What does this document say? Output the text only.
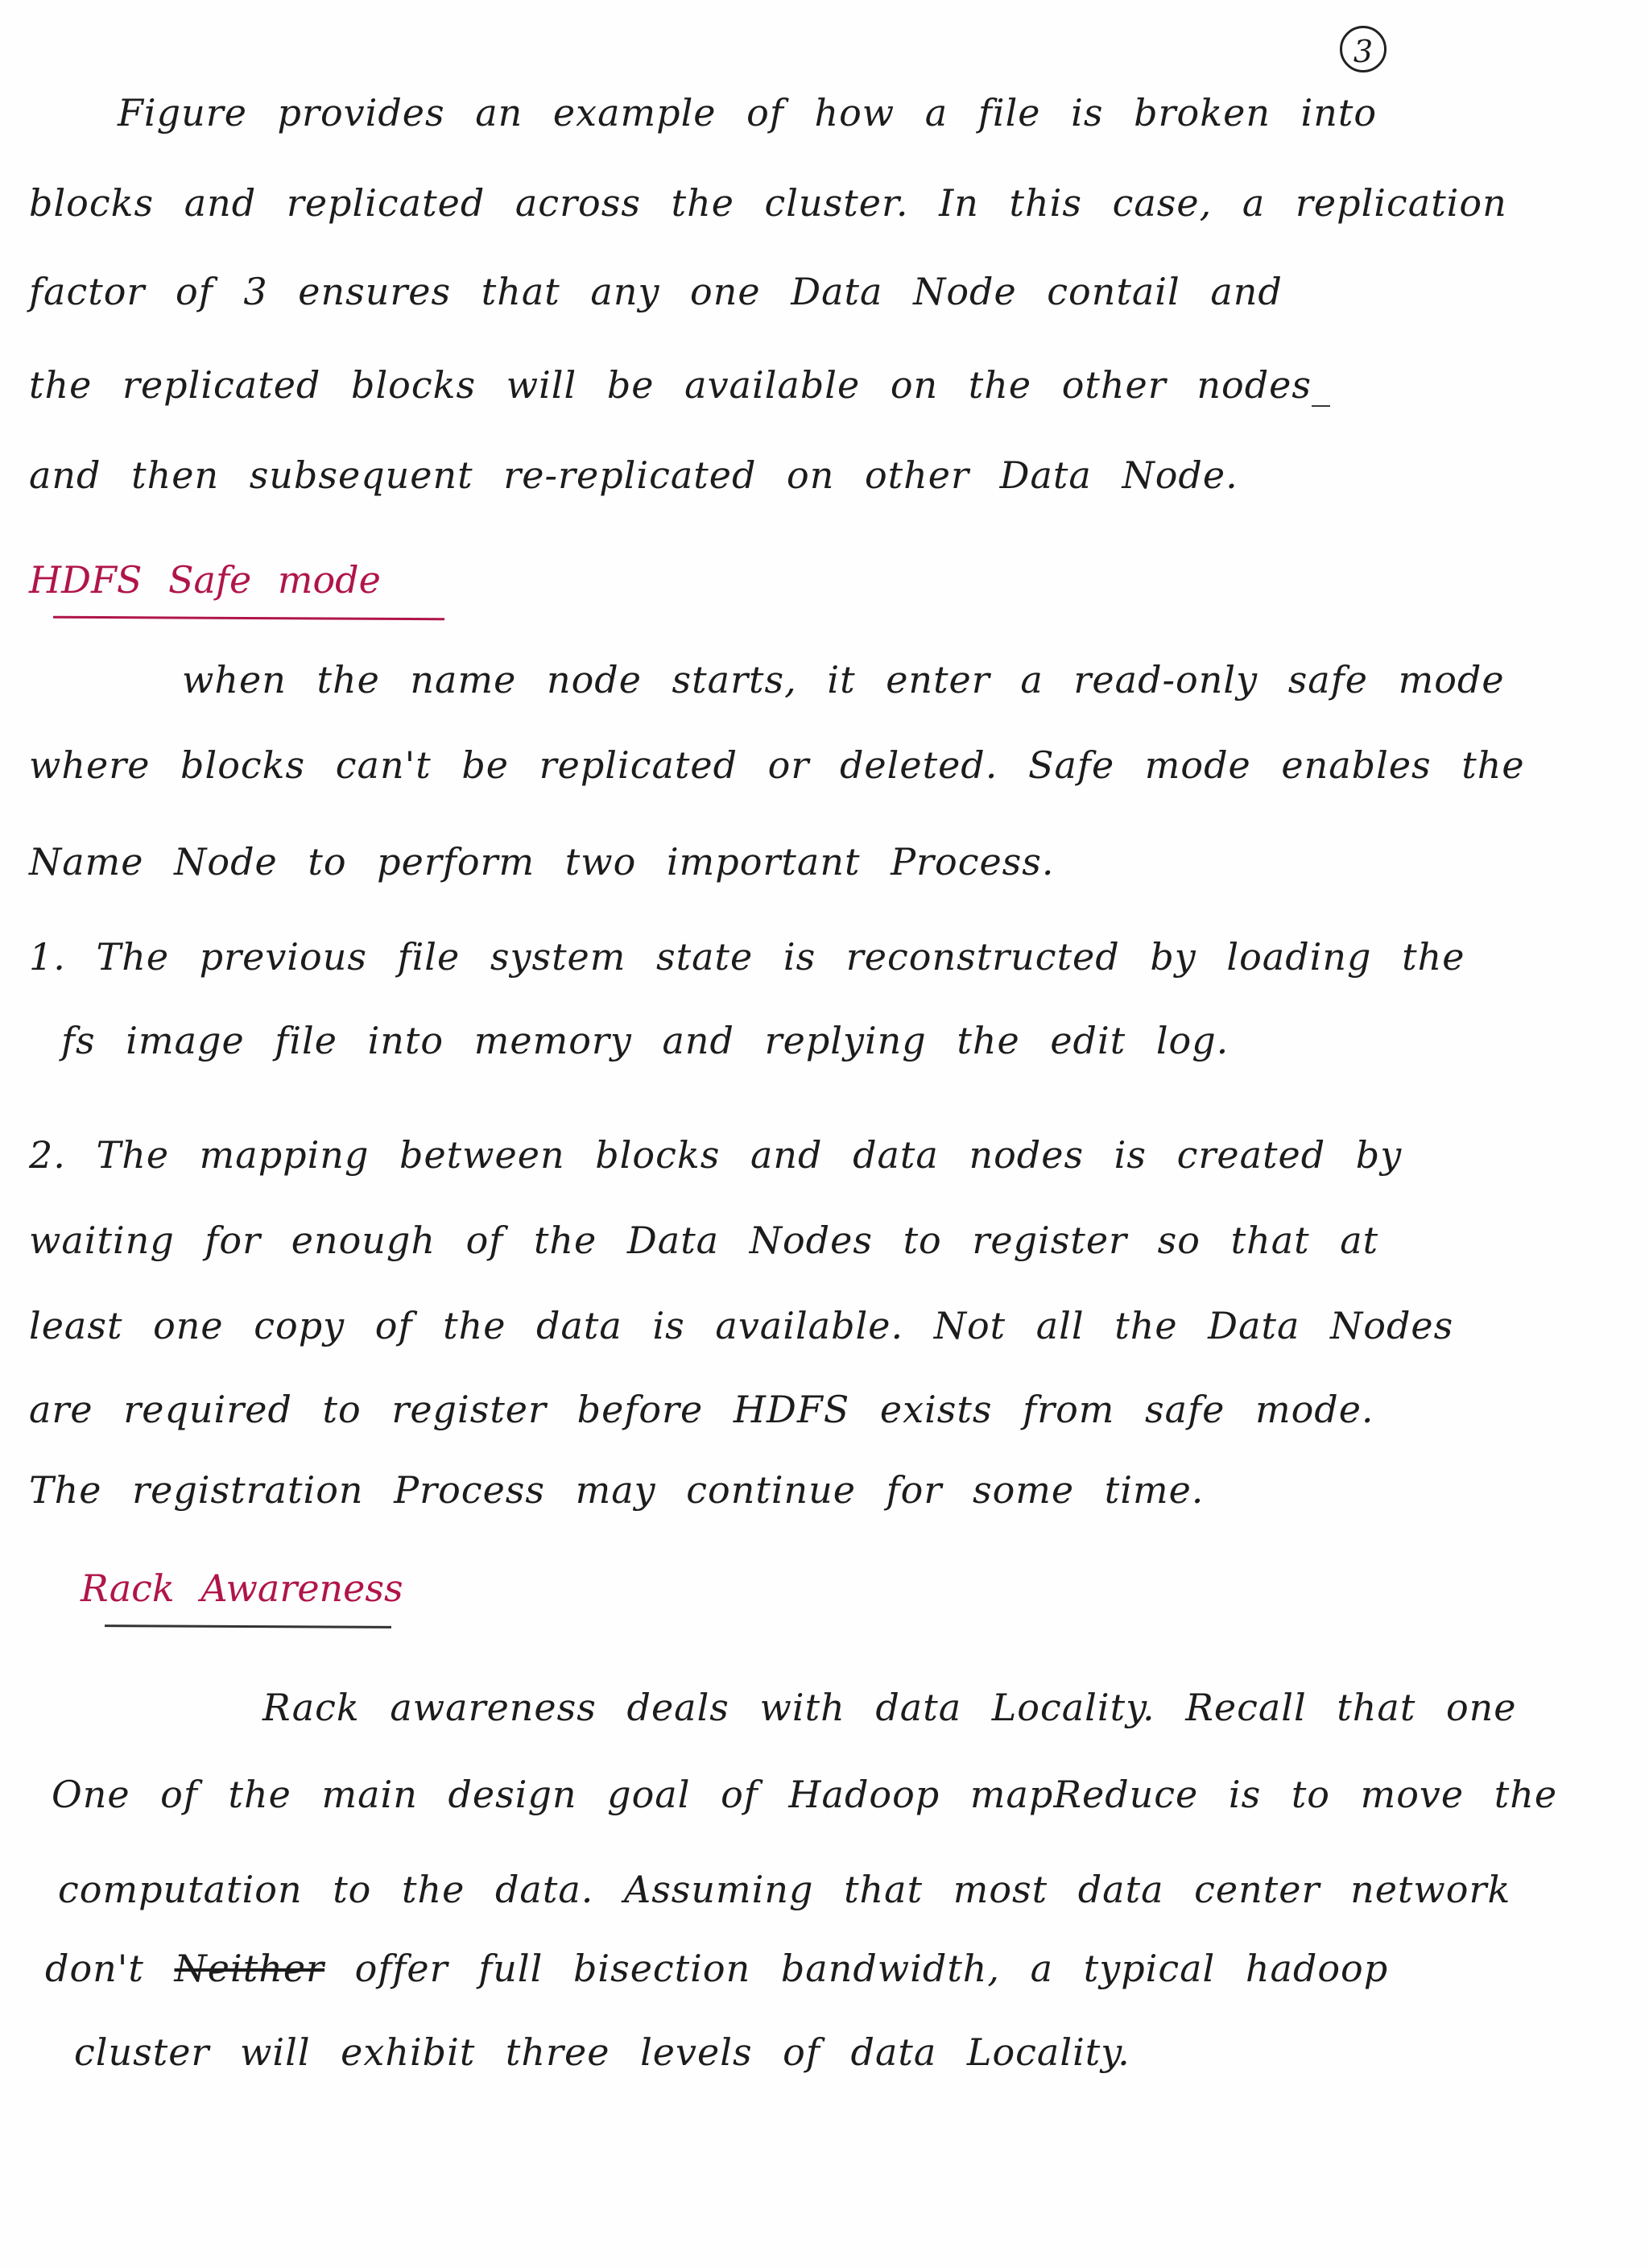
3
Figure provides an example of how a file is broken into
blocks and replicated across the cluster. In this case, a replication
factor of 3 ensures that any one Data Node contail and
the replicated blocks will be available on the other nodes_
and then subsequent re-replicated on other Data Node.
HDFS Safe mode
when the name node starts, it enter a read-only safe mode
where blocks can't be replicated or deleted. Safe mode enables the
Name Node to perform two important Process.
1. The previous file system state is reconstructed by loading the
fs image file into memory and replying the edit log.
2. The mapping between blocks and data nodes is created by
waiting for enough of the Data Nodes to register so that at
least one copy of the data is available. Not all the Data Nodes
are required to register before HDFS exists from safe mode.
The registration Process may continue for some time.
Rack Awareness
Rack awareness deals with data Locality. Recall that one
One of the main design goal of Hadoop mapReduce is to move the
computation to the data. Assuming that most data center network
don't Neither offer full bisection bandwidth, a typical hadoop
cluster will exhibit three levels of data Locality.
